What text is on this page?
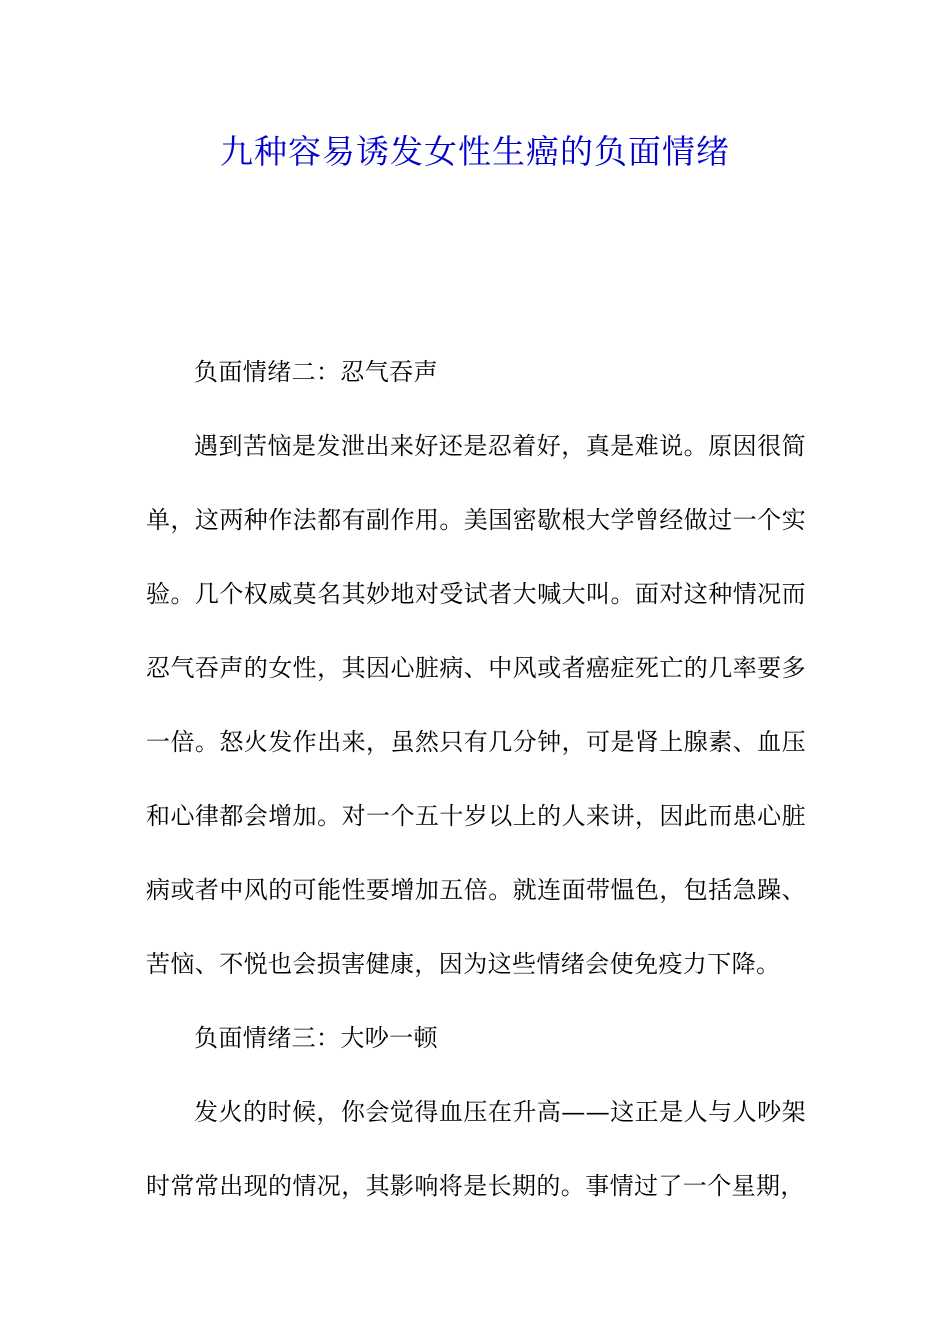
九种容易诱发女性生癌的负面情绪

负面情绪二：忍气吞声

遇到苦恼是发泄出来好还是忍着好，真是难说。原因很简单，这两种作法都有副作用。美国密歇根大学曾经做过一个实验。几个权威莫名其妙地对受试者大喊大叫。面对这种情况而忍气吞声的女性，其因心脏病、中风或者癌症死亡的几率要多一倍。怒火发作出来，虽然只有几分钟，可是肾上腺素、血压和心律都会增加。对一个五十岁以上的人来讲，因此而患心脏病或者中风的可能性要增加五倍。就连面带愠色，包括急躁、苦恼、不悦也会损害健康，因为这些情绪会使免疫力下降。

负面情绪三：大吵一顿

发火的时候，你会觉得血压在升高——这正是人与人吵架时常常出现的情况，其影响将是长期的。事情过了一个星期，
